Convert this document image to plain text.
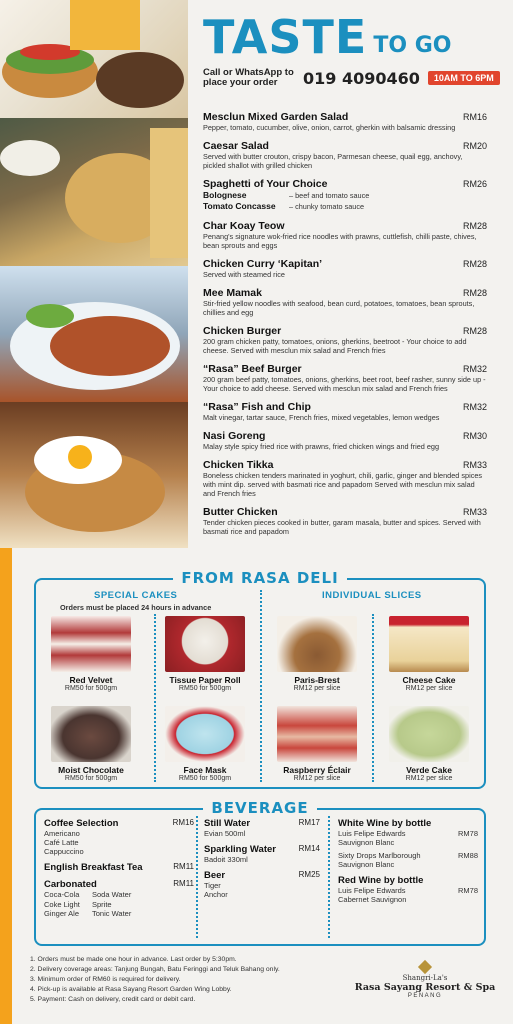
TASTE TO GO
Call or WhatsApp to place your order	019 4090460	10AM TO 6PM
Mesclun Mixed Garden Salad	RM16
Pepper, tomato, cucumber, olive, onion, carrot, gherkin with balsamic dressing
Caesar Salad	RM20
Served with butter crouton, crispy bacon, Parmesan cheese, quail egg, anchovy, pickled shallot with grilled chicken
Spaghetti of Your Choice	RM26
Bolognese	– beef and tomato sauce
Tomato Concasse – chunky tomato sauce
Char Koay Teow	RM28
Penang's signature wok-fried rice noodles with prawns, cuttlefish, chilli paste, chives, bean sprouts and eggs
Chicken Curry ‘Kapitan’	RM28
Served with steamed rice
Mee Mamak	RM28
Stir-fried yellow noodles with seafood, bean curd, potatoes, tomatoes, bean sprouts, chillies and egg
Chicken Burger	RM28
200 gram chicken patty, tomatoes, onions, gherkins, beetroot - Your choice to add cheese. Served with mesclun mix salad and French fries
“Rasa” Beef Burger	RM32
200 gram beef patty, tomatoes, onions, gherkins, beet root, beef rasher, sunny side up - Your choice to add cheese. Served with mesclun mix salad and French fries
“Rasa” Fish and Chip	RM32
Malt vinegar, tartar sauce, French fries, mixed vegetables, lemon wedges
Nasi Goreng	RM30
Malay style spicy fried rice with prawns, fried chicken wings and fried egg
Chicken Tikka	RM33
Boneless chicken tenders marinated in yoghurt, chili, garlic, ginger and blended spices with mint dip. served with basmati rice and papadom Served with mesclun mix salad and French fries
Butter Chicken	RM33
Tender chicken pieces cooked in butter, garam masala, butter and spices. Served with basmati rice and papadom
FROM RASA DELI
SPECIAL CAKES
Orders must be placed 24 hours in advance
INDIVIDUAL SLICES
Red Velvet
RM50 for 500gm
Tissue Paper Roll
RM50 for 500gm
Paris-Brest
RM12 per slice
Cheese Cake
RM12 per slice
Moist Chocolate
RM50 for 500gm
Face Mask
RM50 for 500gm
Raspberry Éclair
RM12 per slice
Verde Cake
RM12 per slice
BEVERAGE
Coffee Selection	RM16
Americano
Café Latte
Cappuccino
English Breakfast Tea	RM11
Carbonated	RM11
Coca-Cola	Soda Water
Coke Light	Sprite
Ginger Ale	Tonic Water
Still Water	RM17
Evian 500ml
Sparkling Water	RM14
Badoit 330ml
Beer	RM25
Tiger
Anchor
White Wine by bottle
Luis Felipe Edwards	RM78
Sauvignon Blanc
Sixty Drops Marlborough	RM88
Sauvignon Blanc
Red Wine by bottle
Luis Felipe Edwards	RM78
Cabernet Sauvignon
1. Orders must be made one hour in advance. Last order by 5:30pm.
2. Delivery coverage areas: Tanjung Bungah, Batu Feringgi and Teluk Bahang only.
3. Minimum order of RM60 is required for delivery.
4. Pick-up is available at Rasa Sayang Resort Garden Wing Lobby.
5. Payment: Cash on delivery, credit card or debit card.
Shangri-La's
Rasa Sayang Resort & Spa
PENANG
